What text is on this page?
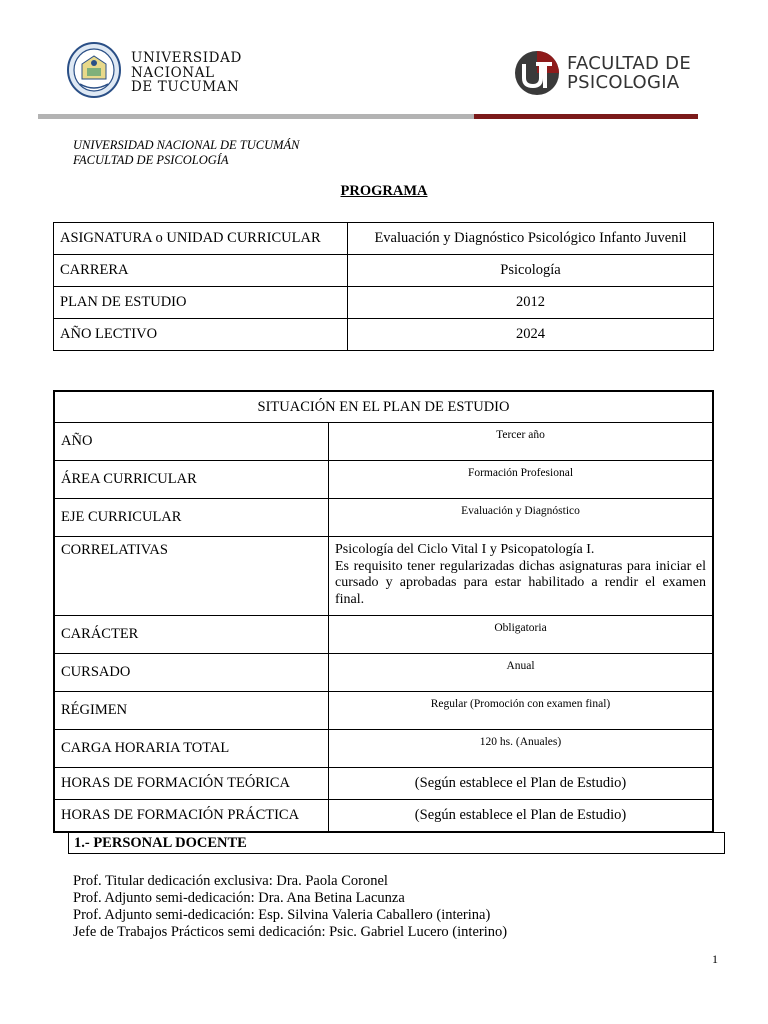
UNIVERSIDAD
NACIONAL
DE TUCUMAN
FACULTAD DE
PSICOLOGIA
UNIVERSIDAD NACIONAL DE TUCUMÁN
FACULTAD DE PSICOLOGÍA
PROGRAMA
ASIGNATURA o UNIDAD CURRICULAR	Evaluación y Diagnóstico Psicológico Infanto Juvenil
CARRERA	Psicología
PLAN DE ESTUDIO	2012
AÑO LECTIVO	2024
SITUACIÓN EN EL PLAN DE ESTUDIO	
AÑO	Tercer año
ÁREA CURRICULAR	Formación Profesional
EJE CURRICULAR	Evaluación y Diagnóstico
CORRELATIVAS	Psicología del Ciclo Vital I y Psicopatología I.
Es requisito tener regularizadas dichas asignaturas para iniciar el cursado y aprobadas para estar habilitado a rendir el examen final.

CARÁCTER	Obligatoria
CURSADO	Anual
RÉGIMEN	Regular (Promoción con examen final)
CARGA HORARIA TOTAL	120 hs. (Anuales)
HORAS DE FORMACIÓN TEÓRICA	(Según establece el Plan de Estudio)
HORAS DE FORMACIÓN PRÁCTICA	(Según establece el Plan de Estudio)
1.- PERSONAL DOCENTE
Prof. Titular dedicación exclusiva: Dra. Paola Coronel
Prof. Adjunto semi-dedicación: Dra. Ana Betina Lacunza
Prof. Adjunto semi-dedicación: Esp. Silvina Valeria Caballero (interina)
Jefe de Trabajos Prácticos semi dedicación: Psic. Gabriel Lucero (interino)
1
